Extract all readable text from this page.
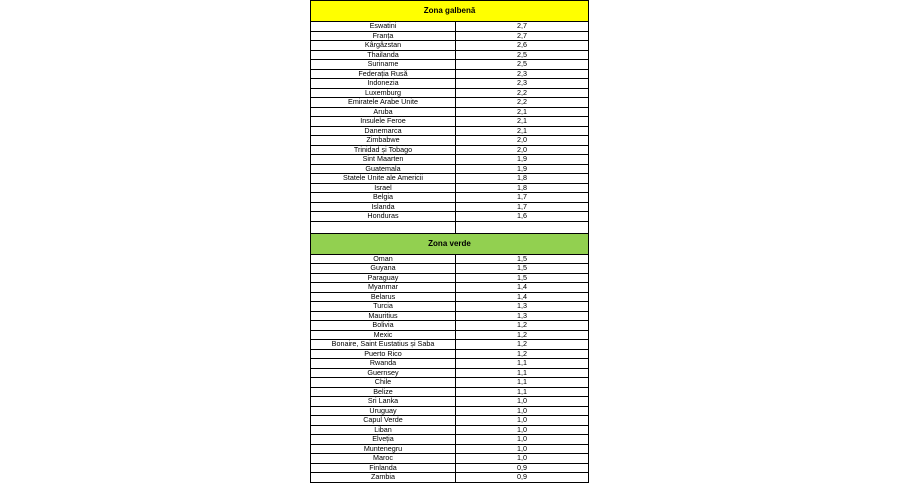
Zona galbenă	
Eswatini	2,7
Franța	2,7
Kârgâzstan	2,6
Thailanda	2,5
Suriname	2,5
Federația Rusă	2,3
Indonezia	2,3
Luxemburg	2,2
Emiratele Arabe Unite	2,2
Aruba	2,1
Insulele Feroe	2,1
Danemarca	2,1
Zimbabwe	2,0
Trinidad și Tobago	2,0
Sint Maarten	1,9
Guatemala	1,9
Statele Unite ale Americii	1,8
Israel	1,8
Belgia	1,7
Islanda	1,7
Honduras	1,6

Zona verde	
Oman	1,5
Guyana	1,5
Paraguay	1,5
Myanmar	1,4
Belarus	1,4
Turcia	1,3
Mauritius	1,3
Bolivia	1,2
Mexic	1,2
Bonaire, Saint Eustatius și Saba	1,2
Puerto Rico	1,2
Rwanda	1,1
Guernsey	1,1
Chile	1,1
Belize	1,1
Sri Lanka	1,0
Uruguay	1,0
Capul Verde	1,0
Liban	1,0
Elveția	1,0
Muntenegru	1,0
Maroc	1,0
Finlanda	0,9
Zambia	0,9
